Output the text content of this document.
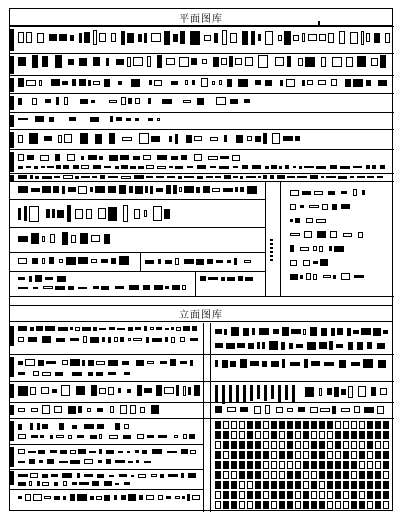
平面图库
立面图库
